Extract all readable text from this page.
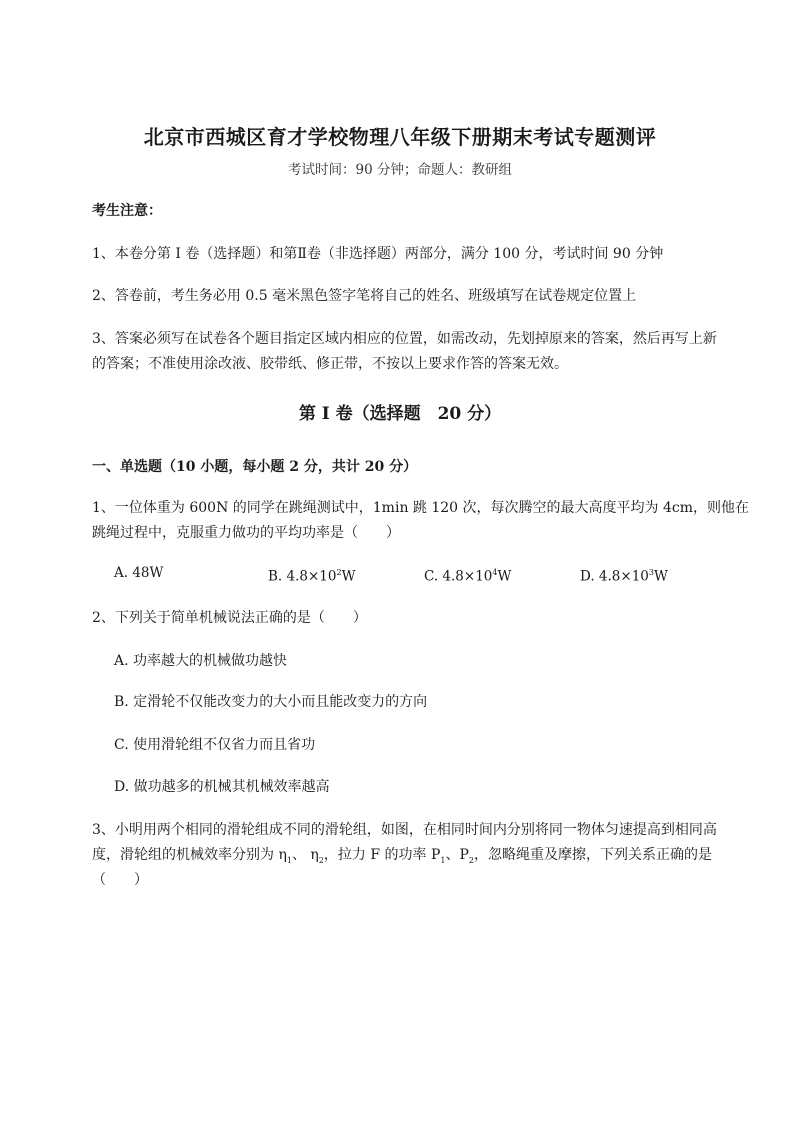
北京市西城区育才学校物理八年级下册期末考试专题测评
考试时间：90 分钟；命题人：教研组
考生注意：
1、本卷分第 I 卷（选择题）和第Ⅱ卷（非选择题）两部分，满分 100 分，考试时间 90 分钟
2、答卷前，考生务必用 0.5 毫米黑色签字笔将自己的姓名、班级填写在试卷规定位置上
3、答案必须写在试卷各个题目指定区域内相应的位置，如需改动，先划掉原来的答案，然后再写上新
的答案；不准使用涂改液、胶带纸、修正带，不按以上要求作答的答案无效。
第 I 卷（选择题　20 分）
一、单选题（10 小题，每小题 2 分，共计 20 分）
1、一位体重为 600N 的同学在跳绳测试中，1min 跳 120 次，每次腾空的最大高度平均为 4cm，则他在
跳绳过程中，克服重力做功的平均功率是（　　）
A. 48W	B. $4.8\times 10^2W$	C. $4.8\times 10^4W$	D. $4.8\times 10^3W$
2、下列关于简单机械说法正确的是（　　）
A. 功率越大的机械做功越快
B. 定滑轮不仅能改变力的大小而且能改变力的方向
C. 使用滑轮组不仅省力而且省功
D. 做功越多的机械其机械效率越高
3、小明用两个相同的滑轮组成不同的滑轮组，如图，在相同时间内分别将同一物体匀速提高到相同高
度，滑轮组的机械效率分别为 $\eta_1$、 $\eta_2$，拉力 F 的功率 $P_1$、$P_2$，忽略绳重及摩擦，下列关系正确的是
（　　）
